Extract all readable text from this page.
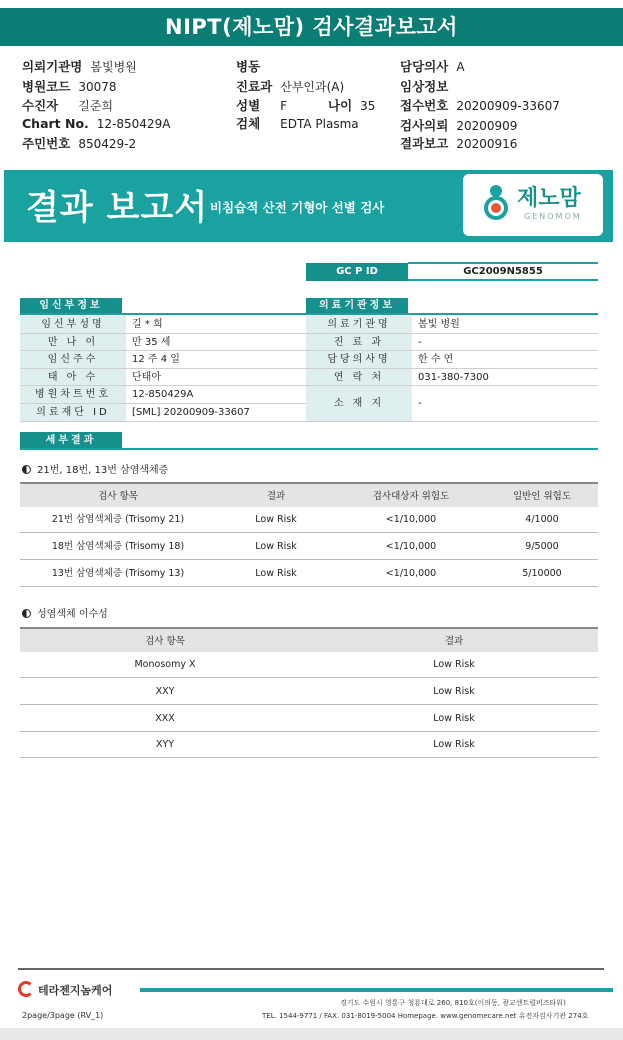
NIPT(제노맘) 검사결과보고서
의뢰기관명 봄빛병원
병원코드 30078
수진자 길준희
Chart No. 12-850429A
주민번호 850429-2
병동
진료과 산부인과(A)
성별 F	나이 35
검체 EDTA Plasma
담당의사 A
임상정보
접수번호 20200909-33607
검사의뢰 20200909
결과보고 20200916
결과 보고서 비침습적 산전 기형아 선별 검사	제노맘
GENOMOM
GC P ID	GC2009N5855
임신부정보
임신부성명	길 * 희
만 나 이	만 35 세
임신주수	12 주 4 일
태 아 수	단태아
병원차트번호	12-850429A
의료재단 ID	[SML] 20200909-33607
의료기관정보
의료기관명	봄빛 병원
진 료 과	-
담당의사명	한 수 연
연 락 처	031-380-7300
소 재 지	-
세부결과
21번, 18번, 13번 삼염색체증
검사 항목	결과	검사대상자 위험도	일반인 위험도
21번 삼염색체증 (Trisomy 21)	Low Risk	<1/10,000	4/1000
18번 삼염색체증 (Trisomy 18)	Low Risk	<1/10,000	9/5000
13번 삼염색체증 (Trisomy 13)	Low Risk	<1/10,000	5/10000
성염색체 이수성
검사 항목	결과
Monosomy X	Low Risk
XXY	Low Risk
XXX	Low Risk
XYY	Low Risk
테라젠지놈케어
경기도 수원시 영통구 청룡대로 260, 810호(이의동, 광교센트럴비즈타워)
TEL. 1544-9771 / FAX. 031-8019-5004 Homepage. www.genomecare.net 유전자검사기관 274호
2page/3page (RV_1)
